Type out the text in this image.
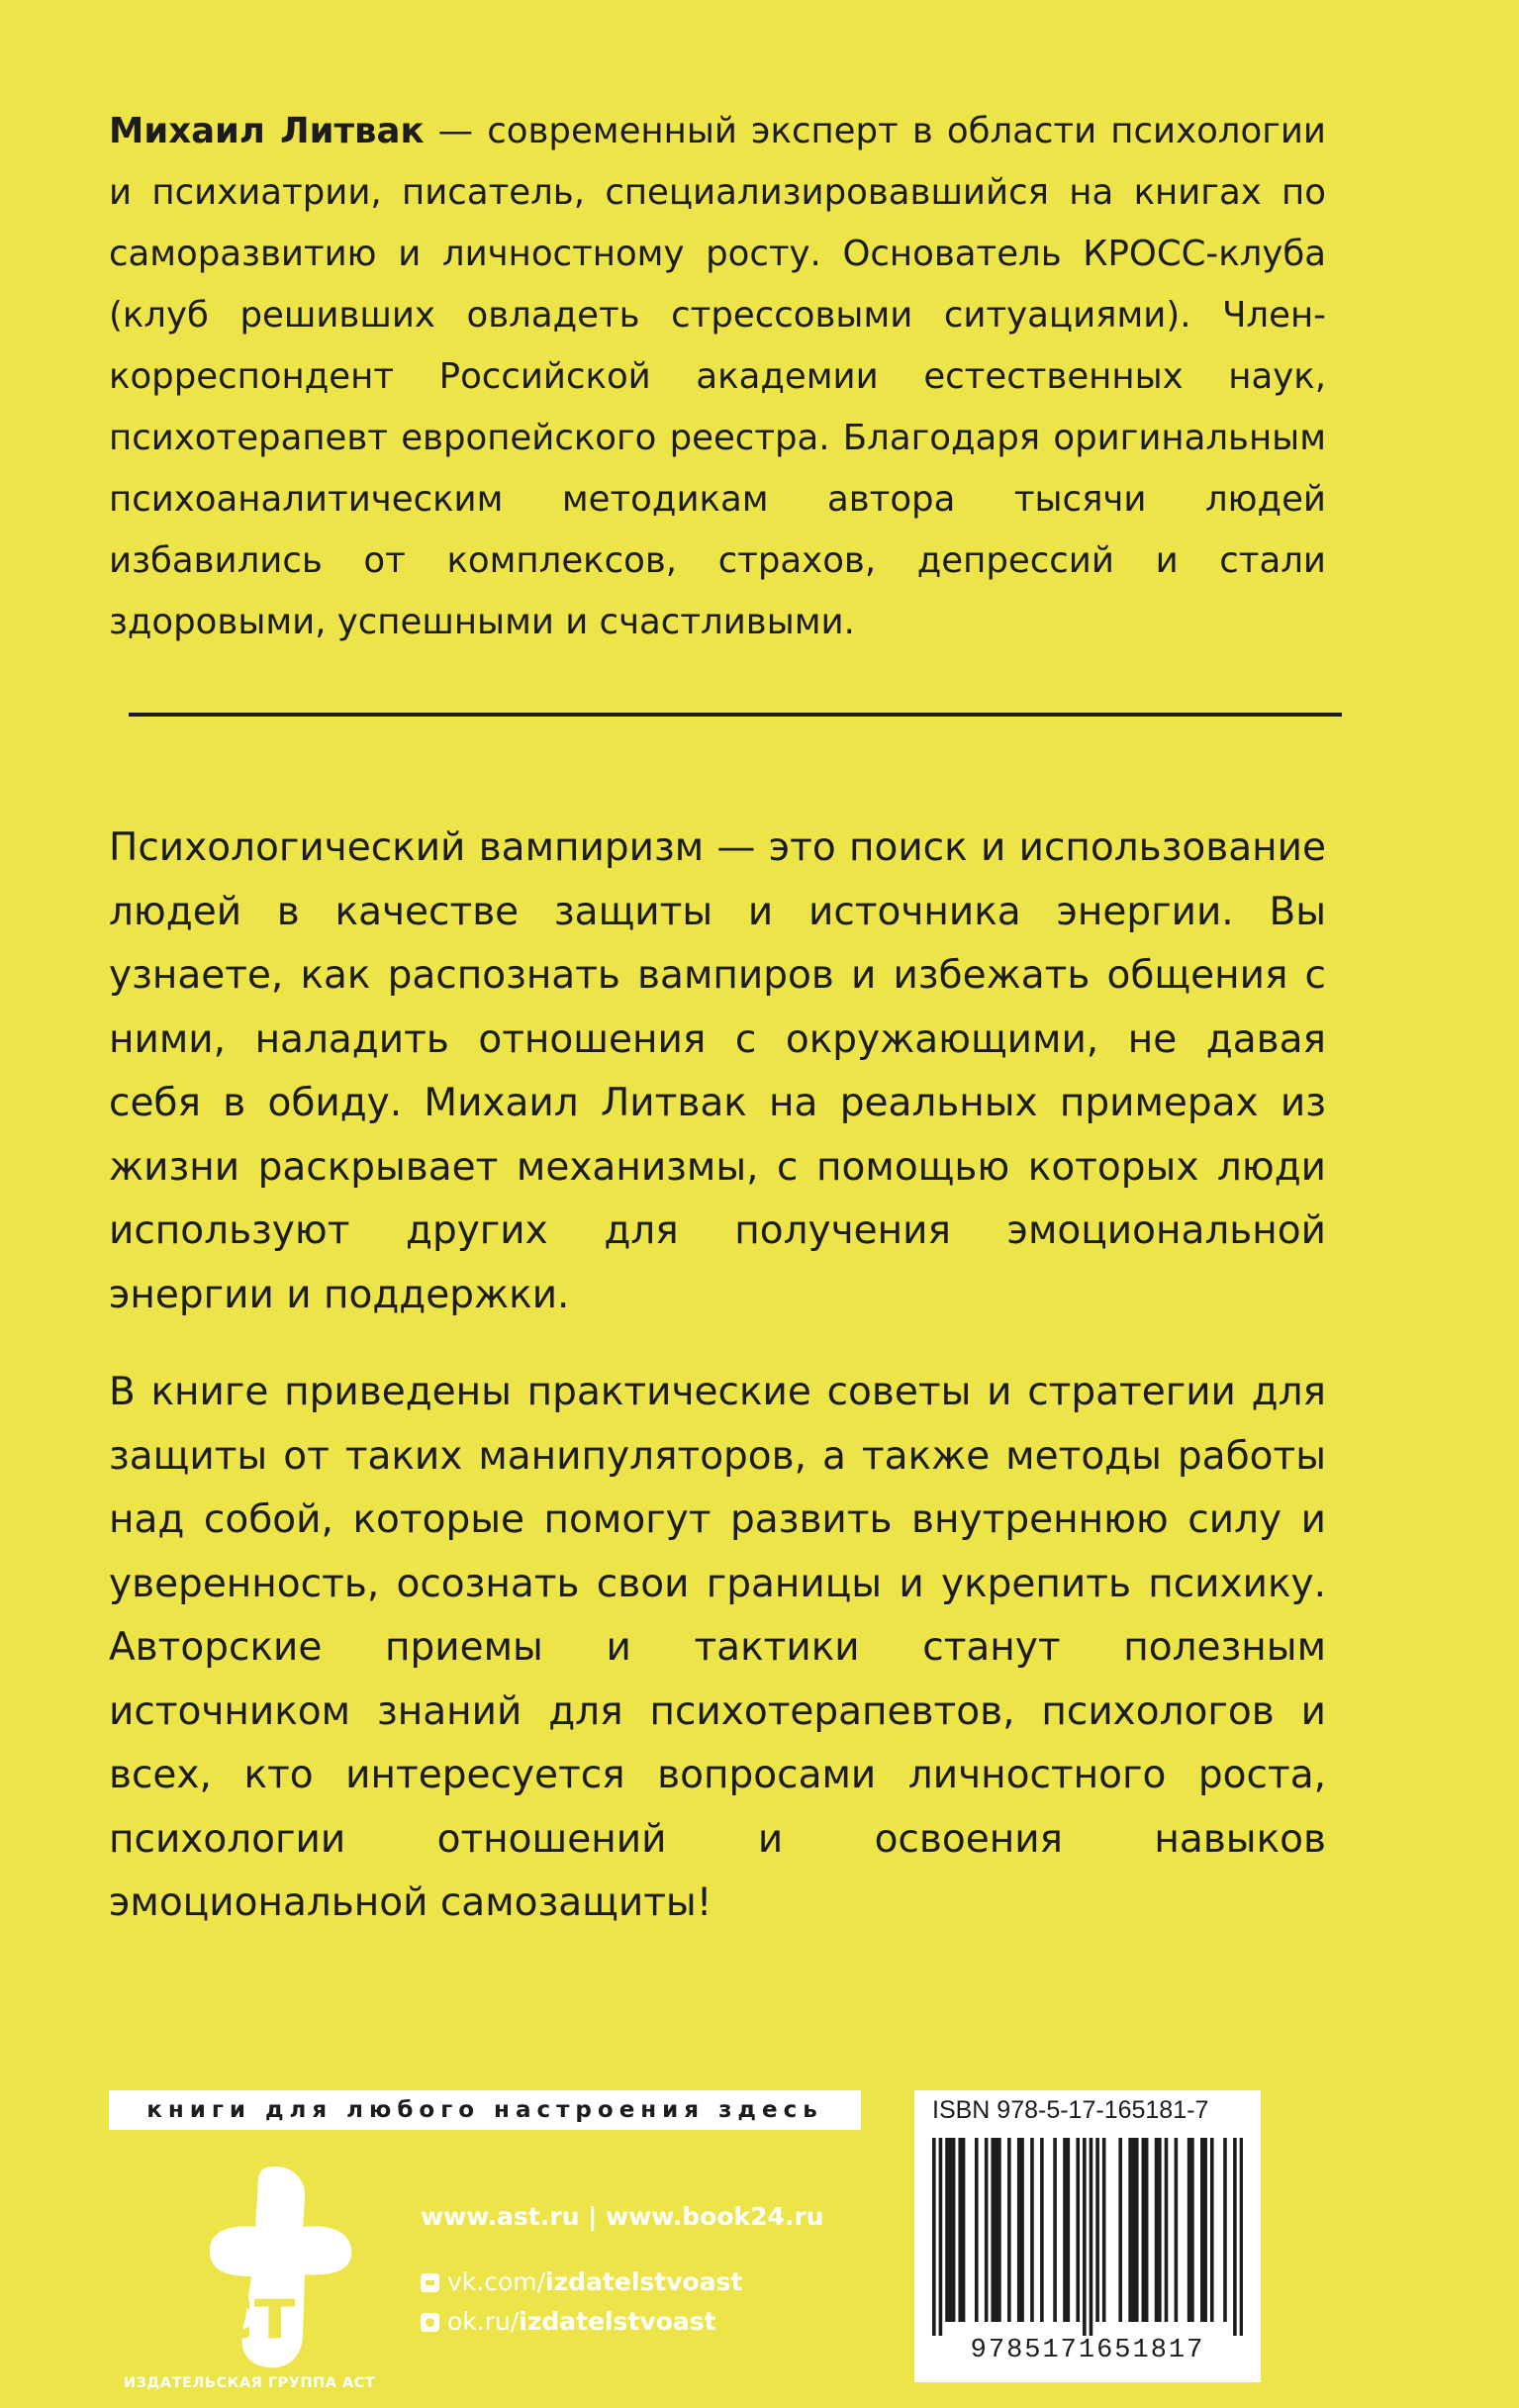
Михаил Литвак — современный эксперт в области психологии и психиатрии, писатель, специализировавшийся на книгах по саморазвитию и личностному росту. Основатель КРОСС-клуба (клуб решивших овладеть стрессовыми ситуациями). Член-корреспондент Российской академии естественных наук, психотерапевт европейского реестра. Благодаря оригинальным психоаналитическим методикам автора тысячи людей избавились от комплексов, страхов, депрессий и стали здоровыми, успешными и счастливыми.

Психологический вампиризм — это поиск и использование людей в качестве защиты и источника энергии. Вы узнаете, как распознать вампиров и избежать общения с ними, наладить отношения с окружающими, не давая себя в обиду. Михаил Литвак на реальных примерах из жизни раскрывает механизмы, с помощью которых люди используют других для получения эмоциональной энергии и поддержки.

В книге приведены практические советы и стратегии для защиты от таких манипуляторов, а также методы работы над собой, которые помогут развить внутреннюю силу и уверенность, осознать свои границы и укрепить психику. Авторские приемы и тактики станут полезным источником знаний для психотерапевтов, психологов и всех, кто интересуется вопросами личностного роста, психологии отношений и освоения навыков эмоциональной самозащиты!

книги для любого настроения здесь
аст
ИЗДАТЕЛЬСКАЯ ГРУППА АСТ
www.ast.ru | www.book24.ru
vk.com/izdatelstvoast
ok.ru/izdatelstvoast
ISBN 978-5-17-165181-7
9785171651817
